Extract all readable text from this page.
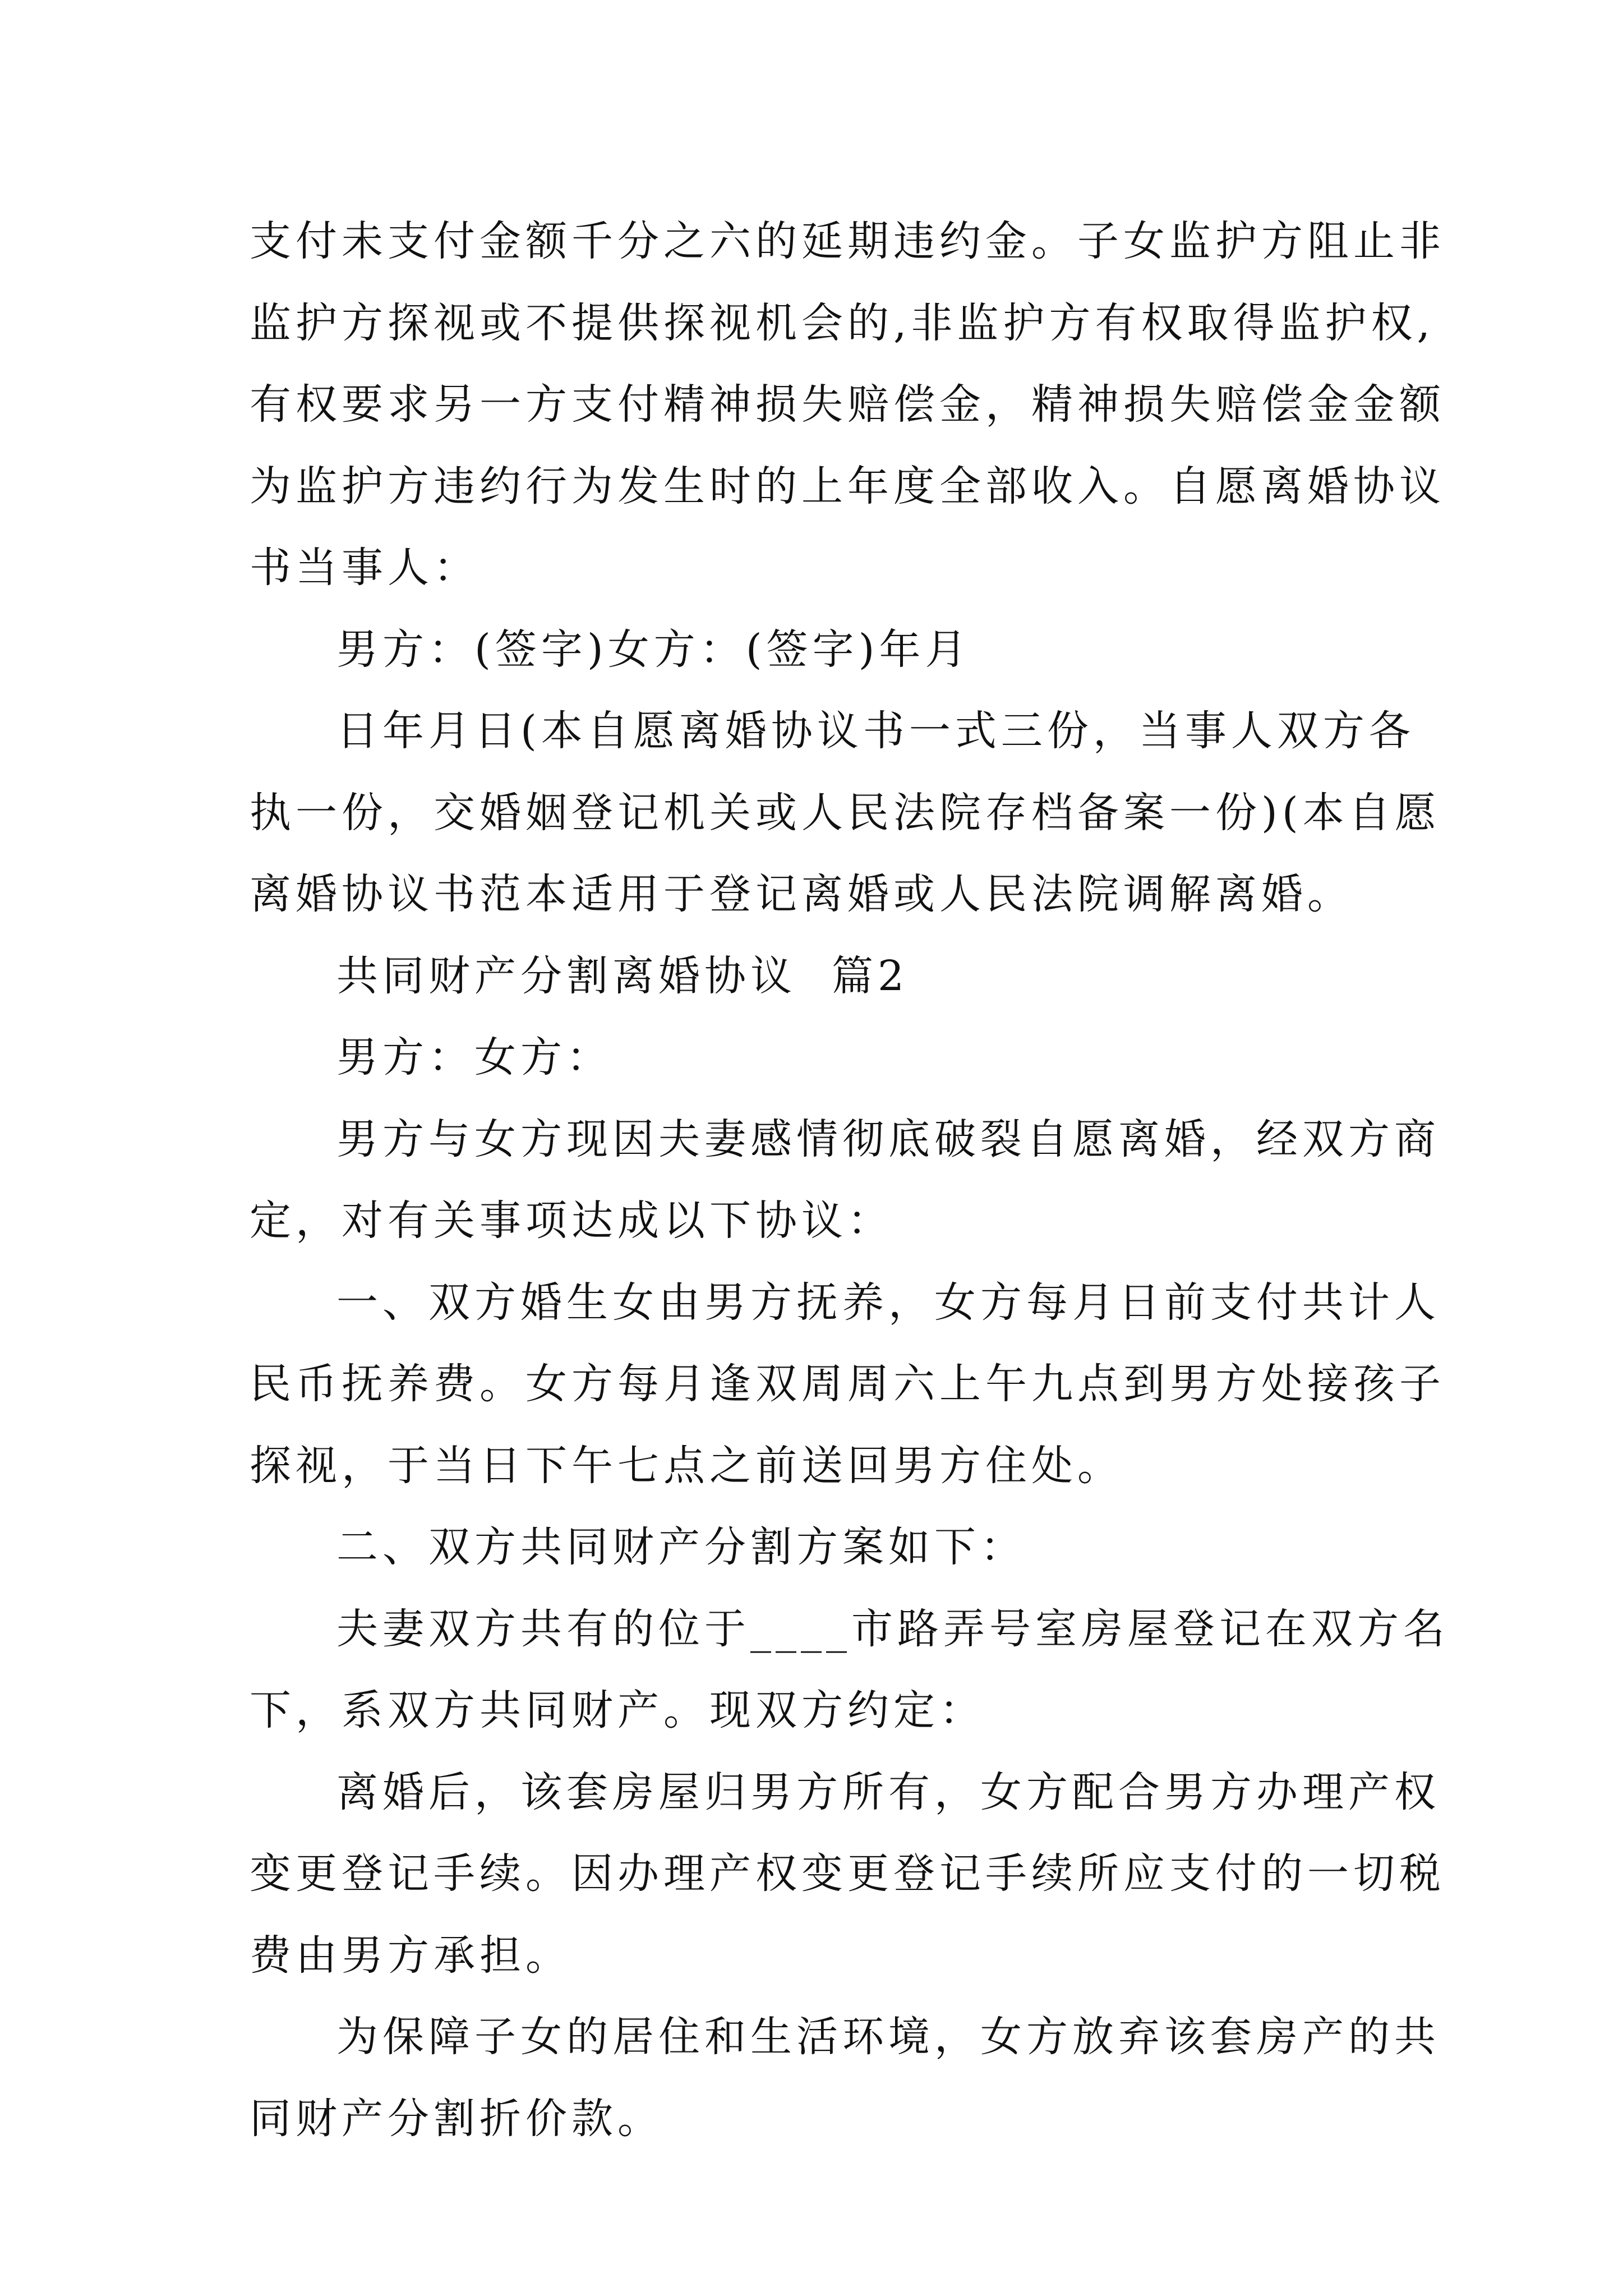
支付未支付金额千分之六的延期违约金。子女监护方阻止非

监护方探视或不提供探视机会的,非监护方有权取得监护权,

有权要求另一方支付精神损失赔偿金，精神损失赔偿金金额

为监护方违约行为发生时的上年度全部收入。自愿离婚协议

书当事人：

男方：(签字)女方：(签字)年月

日年月日(本自愿离婚协议书一式三份，当事人双方各

执一份，交婚姻登记机关或人民法院存档备案一份)(本自愿

离婚协议书范本适用于登记离婚或人民法院调解离婚。

共同财产分割离婚协议  篇2

男方：女方：

男方与女方现因夫妻感情彻底破裂自愿离婚，经双方商

定，对有关事项达成以下协议：

一、双方婚生女由男方抚养，女方每月日前支付共计人

民币抚养费。女方每月逢双周周六上午九点到男方处接孩子

探视，于当日下午七点之前送回男方住处。

二、双方共同财产分割方案如下：

夫妻双方共有的位于____市路弄号室房屋登记在双方名

下，系双方共同财产。现双方约定：

离婚后，该套房屋归男方所有，女方配合男方办理产权

变更登记手续。因办理产权变更登记手续所应支付的一切税

费由男方承担。

为保障子女的居住和生活环境，女方放弃该套房产的共

同财产分割折价款。
